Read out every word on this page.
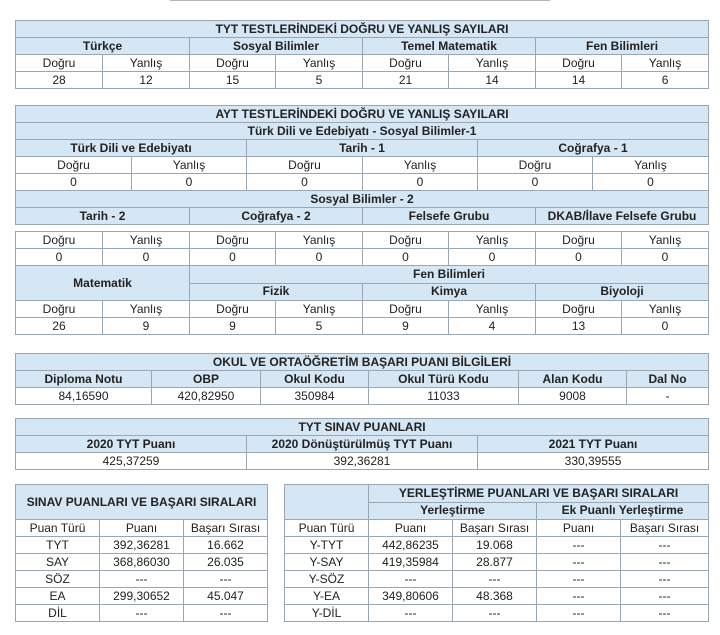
TYT TESTLERİNDEKİ DOĞRU VE YANLIŞ SAYILARI							
Türkçe		Sosyal Bilimler		Temel Matematik		Fen Bilimleri	
Doğru	Yanlış	Doğru	Yanlış	Doğru	Yanlış	Doğru	Yanlış
28	12	15	5	21	14	14	6
AYT TESTLERİNDEKİ DOĞRU VE YANLIŞ SAYILARI							
Türk Dili ve Edebiyatı - Sosyal Bilimler-1							
Türk Dili ve Edebiyatı			Tarih - 1		Coğrafya - 1		
Doğru	Yanlış		Doğru	Yanlış	Doğru		Yanlış
0	0		0	0	0		0
Sosyal Bilimler - 2							
Tarih - 2		Coğrafya - 2		Felsefe Grubu		DKAB/İlave Felsefe Grubu	

Doğru	Yanlış	Doğru	Yanlış	Doğru	Yanlış	Doğru	Yanlış
0	0	0	0	0	0	0	0
Matematik		Fen Bilimleri					
		Fizik		Kimya		Biyoloji	
Doğru	Yanlış	Doğru	Yanlış	Doğru	Yanlış	Doğru	Yanlış
26	9	9	5	9	4	13	0
OKUL VE ORTAÖĞRETİM BAŞARI PUANI BİLGİLERİ					
Diploma Notu	OBP	Okul Kodu	Okul Türü Kodu	Alan Kodu	Dal No
84,16590	420,82950	350984	11033	9008	-
TYT SINAV PUANLARI		
2020 TYT Puanı	2020 Dönüştürülmüş TYT Puanı	2021 TYT Puanı
425,37259	392,36281	330,39555
SINAV PUANLARI VE BAŞARI SIRALARI					YERLEŞTİRME PUANLARI VE BAŞARI SIRALARI			
					Yerleştirme		Ek Puanlı Yerleştirme	
Puan Türü	Puanı	Başarı Sırası		Puan Türü	Puanı	Başarı Sırası	Puanı	Başarı Sırası
TYT	392,36281	16.662		Y-TYT	442,86235	19.068	---	---
SAY	368,86030	26.035		Y-SAY	419,35984	28.877	---	---
SÖZ	---	---		Y-SÖZ	---	---	---	---
EA	299,30652	45.047		Y-EA	349,80606	48.368	---	---
DİL	---	---		Y-DİL	---	---	---	---
